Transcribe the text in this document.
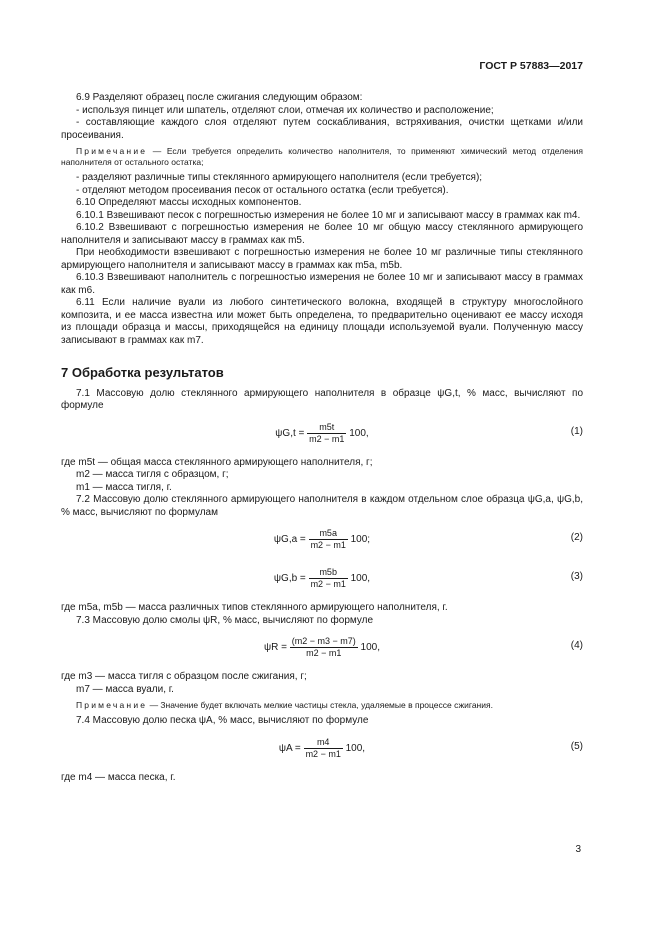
ГОСТ Р 57883—2017

6.9 Разделяют образец после сжигания следующим образом:

- используя пинцет или шпатель, отделяют слои, отмечая их количество и расположение;

- составляющие каждого слоя отделяют путем соскабливания, встряхивания, очистки щетками и/или просеивания.

Примечание — Если требуется определить количество наполнителя, то применяют химический метод отделения наполнителя от остального остатка;

- разделяют различные типы стеклянного армирующего наполнителя (если требуется);

- отделяют методом просеивания песок от остального остатка (если требуется).

6.10 Определяют массы исходных компонентов.

6.10.1 Взвешивают песок с погрешностью измерения не более 10 мг и записывают массу в граммах как m4.

6.10.2 Взвешивают с погрешностью измерения не более 10 мг общую массу стеклянного армирующего наполнителя и записывают массу в граммах как m5.

При необходимости взвешивают с погрешностью измерения не более 10 мг различные типы стеклянного армирующего наполнителя и записывают массу в граммах как m5a, m5b.

6.10.3 Взвешивают наполнитель с погрешностью измерения не более 10 мг и записывают массу в граммах как m6.

6.11 Если наличие вуали из любого синтетического волокна, входящей в структуру многослойного композита, и ее масса известна или может быть определена, то предварительно оценивают ее массу исходя из площади образца и массы, приходящейся на единицу площади используемой вуали. Полученную массу записывают в граммах как m7.

7 Обработка результатов

7.1 Массовую долю стеклянного армирующего наполнителя в образце ψG,t, % масс, вычисляют по формуле

$\psi G,t = \frac{m5t}{m2 - m1} 100$,	(1)

где m5t — общая масса стеклянного армирующего наполнителя, г;

m2 — масса тигля с образцом, г;

m1 — масса тигля, г.

7.2 Массовую долю стеклянного армирующего наполнителя в каждом отдельном слое образца ψG,a, ψG,b, % масс, вычисляют по формулам

$\psi G,a = \frac{m5a}{m2 - m1} 100$;	(2)
$\psi G,b = \frac{m5b}{m2 - m1} 100$,	(3)

где m5a, m5b — масса различных типов стеклянного армирующего наполнителя, г.

7.3 Массовую долю смолы ψR, % масс, вычисляют по формуле

$\psi R = \frac{(m2 - m3 - m7)}{m2 - m1} 100$,	(4)

где m3 — масса тигля с образцом после сжигания, г;

m7 — масса вуали, г.

Примечание — Значение будет включать мелкие частицы стекла, удаляемые в процессе сжигания.

7.4 Массовую долю песка ψA, % масс, вычисляют по формуле

$\psi A = \frac{m4}{m2 - m1} 100$,	(5)

где m4 — масса песка, г.

3
